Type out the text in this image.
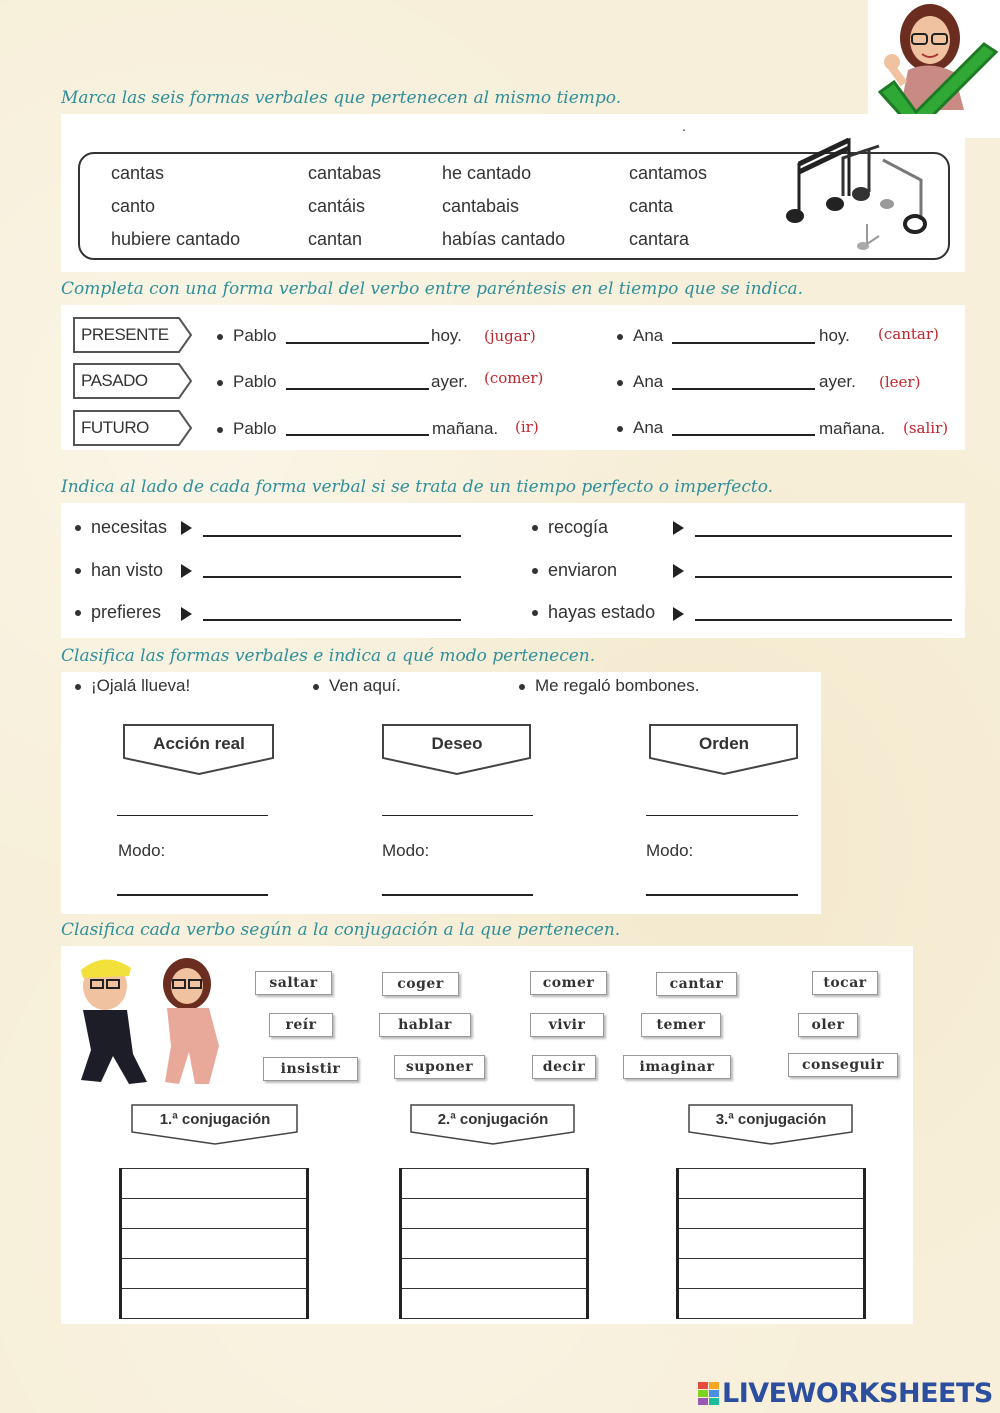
Marca las seis formas verbales que pertenecen al mismo tiempo.
.
cantas	cantabas	he cantado	cantamos
canto	cantáis	cantabais	canta
hubiere cantado	cantan	habías cantado	cantara
Completa con una forma verbal del verbo entre paréntesis en el tiempo que se indica.
PRESENTE	Pablo	hoy. (jugar)	Ana	hoy. (cantar)
PASADO	Pablo	ayer. (comer)	Ana	ayer. (leer)
FUTURO	Pablo	mañana. (ir)	Ana	mañana. (salir)
Indica al lado de cada forma verbal si se trata de un tiempo perfecto o imperfecto.
necesitas
han visto
prefieres
recogía
enviaron
hayas estado
Clasifica las formas verbales e indica a qué modo pertenecen.
¡Ojalá llueva!	Ven aquí.	Me regaló bombones.
Acción real	Deseo	Orden
Modo:	Modo:	Modo:
Clasifica cada verbo según a la conjugación a la que pertenecen.
saltar	coger	comer	cantar	tocar
reír	hablar	vivir	temer	oler
insistir	suponer	decir	imaginar	conseguir
1.ª conjugación	2.ª conjugación	3.ª conjugación
LIVEWORKSHEETS
